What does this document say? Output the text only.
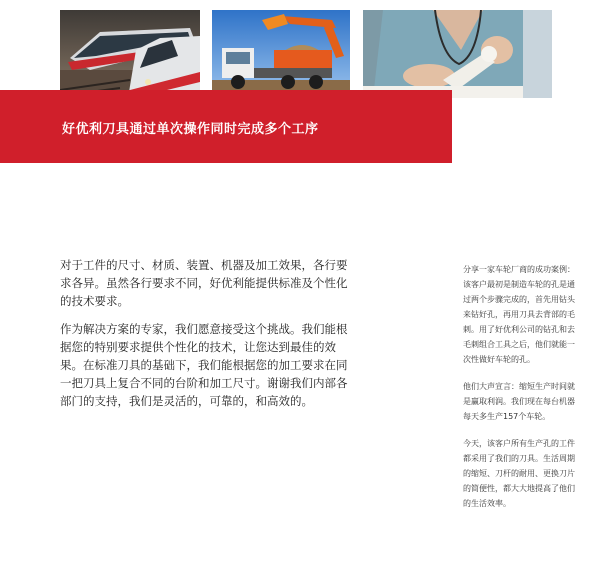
好优利刀具通过单次操作同时完成多个工序

对于工件的尺寸、材质、装置、机器及加工效果，各行要求各异。虽然各行要求不同，好优利能提供标准及个性化的技术要求。

作为解决方案的专家，我们愿意接受这个挑战。我们能根据您的特别要求提供个性化的技术，让您达到最佳的效果。在标准刀具的基础下，我们能根据您的加工要求在同一把刀具上复合不同的台阶和加工尺寸。谢谢我们内部各部门的支持，我们是灵活的，可靠的，和高效的。

分享一家车轮厂商的成功案例：该客户最初是制造车轮的孔是通过两个步骤完成的，首先用钻头来钻好孔，再用刀具去背部的毛刺。用了好优利公司的钻孔和去毛刺组合工具之后，他们就能一次性做好车轮的孔。

他们大声宣言：缩短生产时间就是赢取利润。我们现在每台机器每天多生产157个车轮。

今天，该客户所有生产孔的工件都采用了我们的刀具。生活周期的缩短、刀杆的耐用、更换刀片的简便性，都大大地提高了他们的生活效率。
